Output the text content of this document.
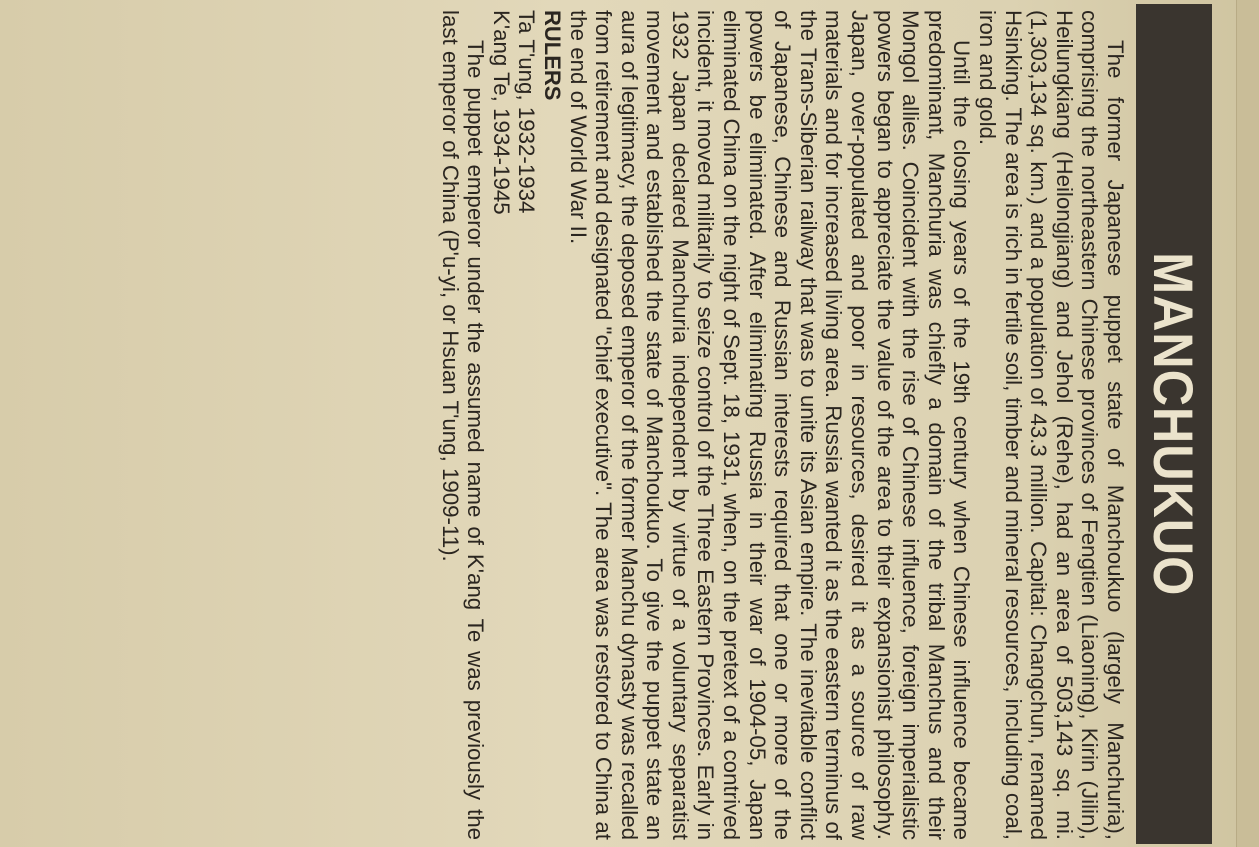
MANCHUKUO

The former Japanese puppet state of Manchoukuo (largely Manchuria), comprising the northeastern Chinese provinces of Fengtien (Liaoning), Kirin (Jilin), Heilungkiang (Heilongjiang) and Jehol (Rehe), had an area of 503,143 sq. mi. (1,303,134 sq. km.) and a population of 43.3 million. Capital: Changchun, renamed Hsinking. The area is rich in fertile soil, timber and mineral resources, including coal, iron and gold.

Until the closing years of the 19th century when Chinese influence became predominant, Manchuria was chiefly a domain of the tribal Manchus and their Mongol allies. Coincident with the rise of Chinese influence, foreign imperialistic powers began to appreciate the value of the area to their expansionist philosophy. Japan, over-populated and poor in resources, desired it as a source of raw materials and for increased living area. Russia wanted it as the eastern terminus of the Trans-Siberian railway that was to unite its Asian empire. The inevitable conflict of Japanese, Chinese and Russian interests required that one or more of the powers be eliminated. After eliminating Russia in their war of 1904-05, Japan eliminated China on the night of Sept. 18, 1931, when, on the pretext of a contrived incident, it moved militarily to seize control of the Three Eastern Provinces. Early in 1932 Japan declared Manchuria independent by virtue of a voluntary separatist movement and established the state of Manchoukuo. To give the puppet state an aura of legitimacy, the deposed emperor of the former Manchu dynasty was recalled from retirement and designated "chief executive". The area was restored to China at the end of World War II.

RULERS
Ta T'ung, 1932-1934
K'ang Te, 1934-1945

The puppet emperor under the assumed name of K'ang Te was previously the last emperor of China (P'u-yi, or Hsuan T'ung, 1909-11).
